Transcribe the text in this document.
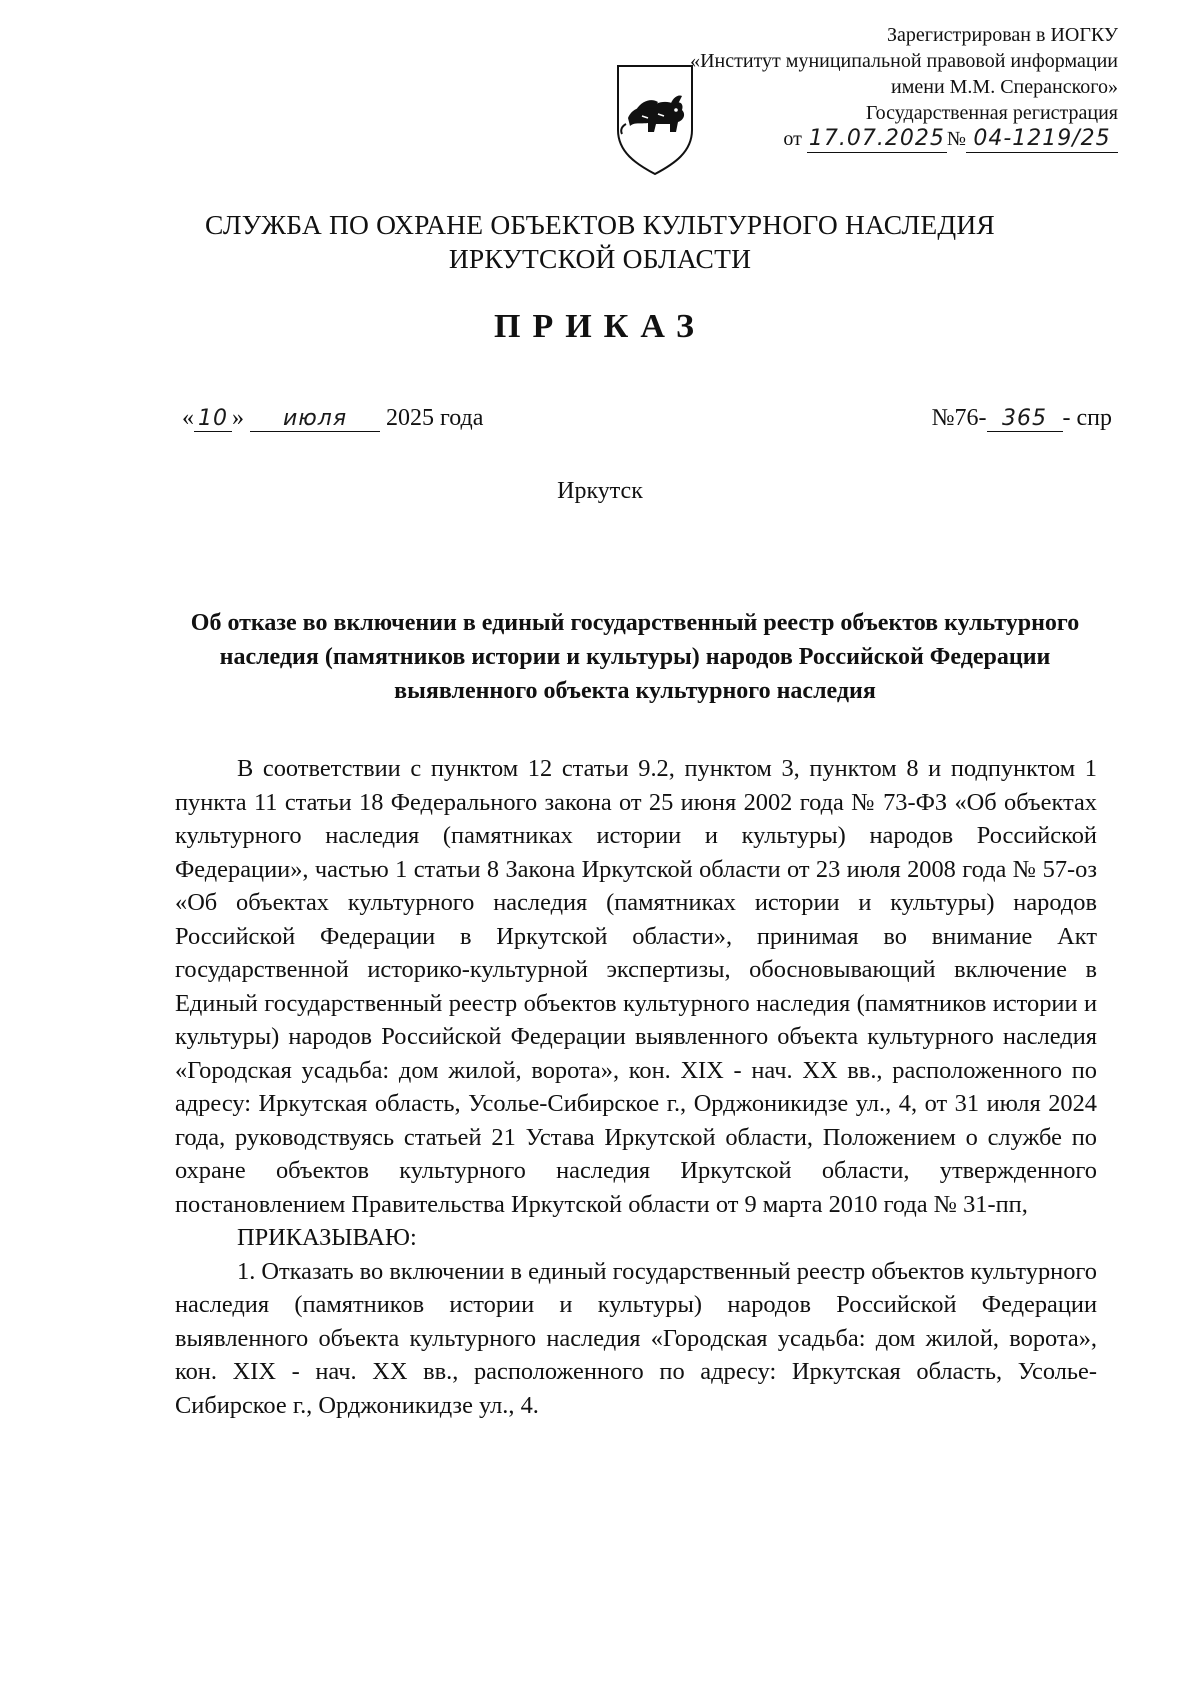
Зарегистрирован в ИОГКУ
«Институт муниципальной правовой информации
имени М.М. Сперанского»
Государственная регистрация
от 17.07.2025 № 04-1219/25
СЛУЖБА ПО ОХРАНЕ ОБЪЕКТОВ КУЛЬТУРНОГО НАСЛЕДИЯ
ИРКУТСКОЙ ОБЛАСТИ
ПРИКАЗ
« 10 » июля 2025 года	№76- 365 - спр
Иркутск
Об отказе во включении в единый государственный реестр объектов культурного наследия (памятников истории и культуры) народов Российской Федерации выявленного объекта культурного наследия

В соответствии с пунктом 12 статьи 9.2, пунктом 3, пунктом 8 и подпунктом 1 пункта 11 статьи 18 Федерального закона от 25 июня 2002 года № 73-ФЗ «Об объектах культурного наследия (памятниках истории и культуры) народов Российской Федерации», частью 1 статьи 8 Закона Иркутской области от 23 июля 2008 года № 57-оз «Об объектах культурного наследия (памятниках истории и культуры) народов Российской Федерации в Иркутской области», принимая во внимание Акт государственной историко-культурной экспертизы, обосновывающий включение в Единый государственный реестр объектов культурного наследия (памятников истории и культуры) народов Российской Федерации выявленного объекта культурного наследия «Городская усадьба: дом жилой, ворота», кон. XIX - нач. XX вв., расположенного по адресу: Иркутская область, Усолье-Сибирское г., Орджоникидзе ул., 4, от 31 июля 2024 года, руководствуясь статьей 21 Устава Иркутской области, Положением о службе по охране объектов культурного наследия Иркутской области, утвержденного постановлением Правительства Иркутской области от 9 марта 2010 года № 31-пп,

ПРИКАЗЫВАЮ:

1. Отказать во включении в единый государственный реестр объектов культурного наследия (памятников истории и культуры) народов Российской Федерации выявленного объекта культурного наследия «Городская усадьба: дом жилой, ворота», кон. XIX - нач. XX вв., расположенного по адресу: Иркутская область, Усолье-Сибирское г., Орджоникидзе ул., 4.
